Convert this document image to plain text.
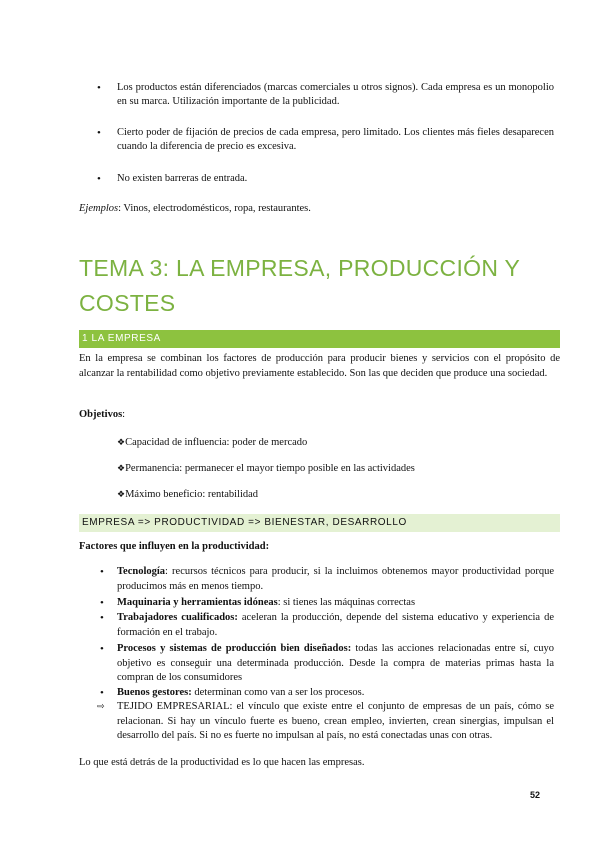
• Los productos están diferenciados (marcas comerciales u otros signos). Cada empresa es un monopolio en su marca. Utilización importante de la publicidad.
• Cierto poder de fijación de precios de cada empresa, pero limitado. Los clientes más fieles desaparecen cuando la diferencia de precio es excesiva.
• No existen barreras de entrada.
Ejemplos: Vinos, electrodomésticos, ropa, restaurantes.
TEMA 3: LA EMPRESA, PRODUCCIÓN Y
COSTES
1 LA EMPRESA
En la empresa se combinan los factores de producción para producir bienes y servicios con el propósito de alcanzar la rentabilidad como objetivo previamente establecido. Son las que deciden que produce una sociedad.
Objetivos:
❖Capacidad de influencia: poder de mercado
❖Permanencia: permanecer el mayor tiempo posible en las actividades
❖Máximo beneficio: rentabilidad
EMPRESA => PRODUCTIVIDAD => BIENESTAR, DESARROLLO
Factores que influyen en la productividad:
• Tecnología: recursos técnicos para producir, si la incluimos obtenemos mayor productividad porque producimos más en menos tiempo.
• Maquinaria y herramientas idóneas: si tienes las máquinas correctas
• Trabajadores cualificados: aceleran la producción, depende del sistema educativo y experiencia de formación en el trabajo.
• Procesos y sistemas de producción bien diseñados: todas las acciones relacionadas entre sí, cuyo objetivo es conseguir una determinada producción. Desde la compra de materias primas hasta la compran de los consumidores
• Buenos gestores: determinan como van a ser los procesos.
⇨ TEJIDO EMPRESARIAL: el vínculo que existe entre el conjunto de empresas de un país, cómo se relacionan. Si hay un vínculo fuerte es bueno, crean empleo, invierten, crean sinergias, impulsan el desarrollo del país. Si no es fuerte no impulsan al país, no está conectadas unas con otras.
Lo que está detrás de la productividad es lo que hacen las empresas.
52
